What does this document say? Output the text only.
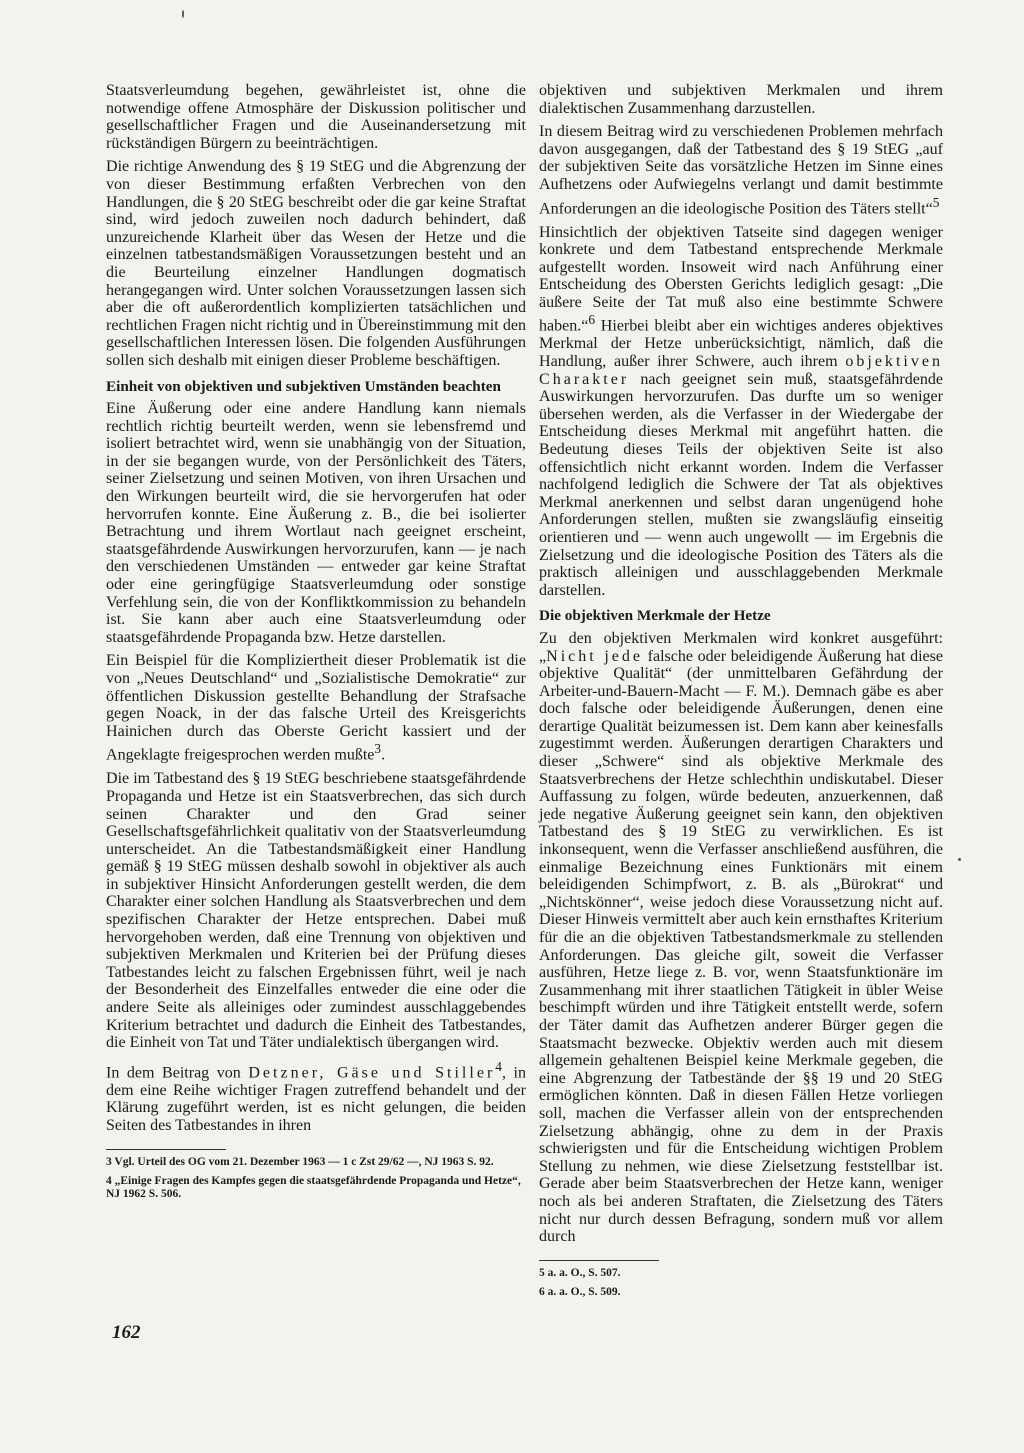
Staatsverleumdung begehen, gewährleistet ist, ohne die notwendige offene Atmosphäre der Diskussion politischer und gesellschaftlicher Fragen und die Auseinandersetzung mit rückständigen Bürgern zu beeinträchtigen.

Die richtige Anwendung des § 19 StEG und die Abgrenzung der von dieser Bestimmung erfaßten Verbrechen von den Handlungen, die § 20 StEG beschreibt oder die gar keine Straftat sind, wird jedoch zuweilen noch dadurch behindert, daß unzureichende Klarheit über das Wesen der Hetze und die einzelnen tatbestandsmäßigen Voraussetzungen besteht und an die Beurteilung einzelner Handlungen dogmatisch herangegangen wird. Unter solchen Voraussetzungen lassen sich aber die oft außerordentlich komplizierten tatsächlichen und rechtlichen Fragen nicht richtig und in Übereinstimmung mit den gesellschaftlichen Interessen lösen. Die folgenden Ausführungen sollen sich deshalb mit einigen dieser Probleme beschäftigen.

Einheit von objektiven und subjektiven Umständen beachten

Eine Äußerung oder eine andere Handlung kann niemals rechtlich richtig beurteilt werden, wenn sie lebensfremd und isoliert betrachtet wird, wenn sie unabhängig von der Situation, in der sie begangen wurde, von der Persönlichkeit des Täters, seiner Zielsetzung und seinen Motiven, von ihren Ursachen und den Wirkungen beurteilt wird, die sie hervorgerufen hat oder hervorrufen konnte. Eine Äußerung z. B., die bei isolierter Betrachtung und ihrem Wortlaut nach geeignet erscheint, staatsgefährdende Auswirkungen hervorzurufen, kann — je nach den verschiedenen Umständen — entweder gar keine Straftat oder eine geringfügige Staatsverleumdung oder sonstige Verfehlung sein, die von der Konfliktkommission zu behandeln ist. Sie kann aber auch eine Staatsverleumdung oder staatsgefährdende Propaganda bzw. Hetze darstellen.

Ein Beispiel für die Kompliziertheit dieser Problematik ist die von „Neues Deutschland“ und „Sozialistische Demokratie“ zur öffentlichen Diskussion gestellte Behandlung der Strafsache gegen Noack, in der das falsche Urteil des Kreisgerichts Hainichen durch das Oberste Gericht kassiert und der Angeklagte freigesprochen werden mußte$^3$.

Die im Tatbestand des § 19 StEG beschriebene staatsgefährdende Propaganda und Hetze ist ein Staatsverbrechen, das sich durch seinen Charakter und den Grad seiner Gesellschaftsgefährlichkeit qualitativ von der Staatsverleumdung unterscheidet. An die Tatbestandsmäßigkeit einer Handlung gemäß § 19 StEG müssen deshalb sowohl in objektiver als auch in subjektiver Hinsicht Anforderungen gestellt werden, die dem Charakter einer solchen Handlung als Staatsverbrechen und dem spezifischen Charakter der Hetze entsprechen. Dabei muß hervorgehoben werden, daß eine Trennung von objektiven und subjektiven Merkmalen und Kriterien bei der Prüfung dieses Tatbestandes leicht zu falschen Ergebnissen führt, weil je nach der Besonderheit des Einzelfalles entweder die eine oder die andere Seite als alleiniges oder zumindest ausschlaggebendes Kriterium betrachtet und dadurch die Einheit des Tatbestandes, die Einheit von Tat und Täter undialektisch übergangen wird.

In dem Beitrag von Detzner, Gäse und Stiller$^4$, in dem eine Reihe wichtiger Fragen zutreffend behandelt und der Klärung zugeführt werden, ist es nicht gelungen, die beiden Seiten des Tatbestandes in ihren

3 Vgl. Urteil des OG vom 21. Dezember 1963 — 1 c Zst 29/62 —, NJ 1963 S. 92.

4 „Einige Fragen des Kampfes gegen die staatsgefährdende Propaganda und Hetze“, NJ 1962 S. 506.

objektiven und subjektiven Merkmalen und ihrem dialektischen Zusammenhang darzustellen.

In diesem Beitrag wird zu verschiedenen Problemen mehrfach davon ausgegangen, daß der Tatbestand des § 19 StEG „auf der subjektiven Seite das vorsätzliche Hetzen im Sinne eines Aufhetzens oder Aufwiegelns verlangt und damit bestimmte Anforderungen an die ideologische Position des Täters stellt“$^5$

Hinsichtlich der objektiven Tatseite sind dagegen weniger konkrete und dem Tatbestand entsprechende Merkmale aufgestellt worden. Insoweit wird nach Anführung einer Entscheidung des Obersten Gerichts lediglich gesagt: „Die äußere Seite der Tat muß also eine bestimmte Schwere haben.“$^6$ Hierbei bleibt aber ein wichtiges anderes objektives Merkmal der Hetze unberücksichtigt, nämlich, daß die Handlung, außer ihrer Schwere, auch ihrem objektiven Charakter nach geeignet sein muß, staatsgefährdende Auswirkungen hervorzurufen. Das durfte um so weniger übersehen werden, als die Verfasser in der Wiedergabe der Entscheidung dieses Merkmal mit angeführt hatten. die Bedeutung dieses Teils der objektiven Seite ist also offensichtlich nicht erkannt worden. Indem die Verfasser nachfolgend lediglich die Schwere der Tat als objektives Merkmal anerkennen und selbst daran ungenügend hohe Anforderungen stellen, mußten sie zwangsläufig einseitig orientieren und — wenn auch ungewollt — im Ergebnis die Zielsetzung und die ideologische Position des Täters als die praktisch alleinigen und ausschlaggebenden Merkmale darstellen.

Die objektiven Merkmale der Hetze

Zu den objektiven Merkmalen wird konkret ausgeführt: „Nicht jede falsche oder beleidigende Äußerung hat diese objektive Qualität“ (der unmittelbaren Gefährdung der Arbeiter-und-Bauern-Macht — F. M.). Demnach gäbe es aber doch falsche oder beleidigende Äußerungen, denen eine derartige Qualität beizumessen ist. Dem kann aber keinesfalls zugestimmt werden. Äußerungen derartigen Charakters und dieser „Schwere“ sind als objektive Merkmale des Staatsverbrechens der Hetze schlechthin undiskutabel. Dieser Auffassung zu folgen, würde bedeuten, anzuerkennen, daß jede negative Äußerung geeignet sein kann, den objektiven Tatbestand des § 19 StEG zu verwirklichen. Es ist inkonsequent, wenn die Verfasser anschließend ausführen, die einmalige Bezeichnung eines Funktionärs mit einem beleidigenden Schimpfwort, z. B. als „Bürokrat“ und „Nichtskönner“, weise jedoch diese Voraussetzung nicht auf. Dieser Hinweis vermittelt aber auch kein ernsthaftes Kriterium für die an die objektiven Tatbestandsmerkmale zu stellenden Anforderungen. Das gleiche gilt, soweit die Verfasser ausführen, Hetze liege z. B. vor, wenn Staatsfunktionäre im Zusammenhang mit ihrer staatlichen Tätigkeit in übler Weise beschimpft würden und ihre Tätigkeit entstellt werde, sofern der Täter damit das Aufhetzen anderer Bürger gegen die Staatsmacht bezwecke. Objektiv werden auch mit diesem allgemein gehaltenen Beispiel keine Merkmale gegeben, die eine Abgrenzung der Tatbestände der §§ 19 und 20 StEG ermöglichen könnten. Daß in diesen Fällen Hetze vorliegen soll, machen die Verfasser allein von der entsprechenden Zielsetzung abhängig, ohne zu dem in der Praxis schwierigsten und für die Entscheidung wichtigen Problem Stellung zu nehmen, wie diese Zielsetzung feststellbar ist. Gerade aber beim Staatsverbrechen der Hetze kann, weniger noch als bei anderen Straftaten, die Zielsetzung des Täters nicht nur durch dessen Befragung, sondern muß vor allem durch

5 a. a. O., S. 507.

6 a. a. O., S. 509.

162
